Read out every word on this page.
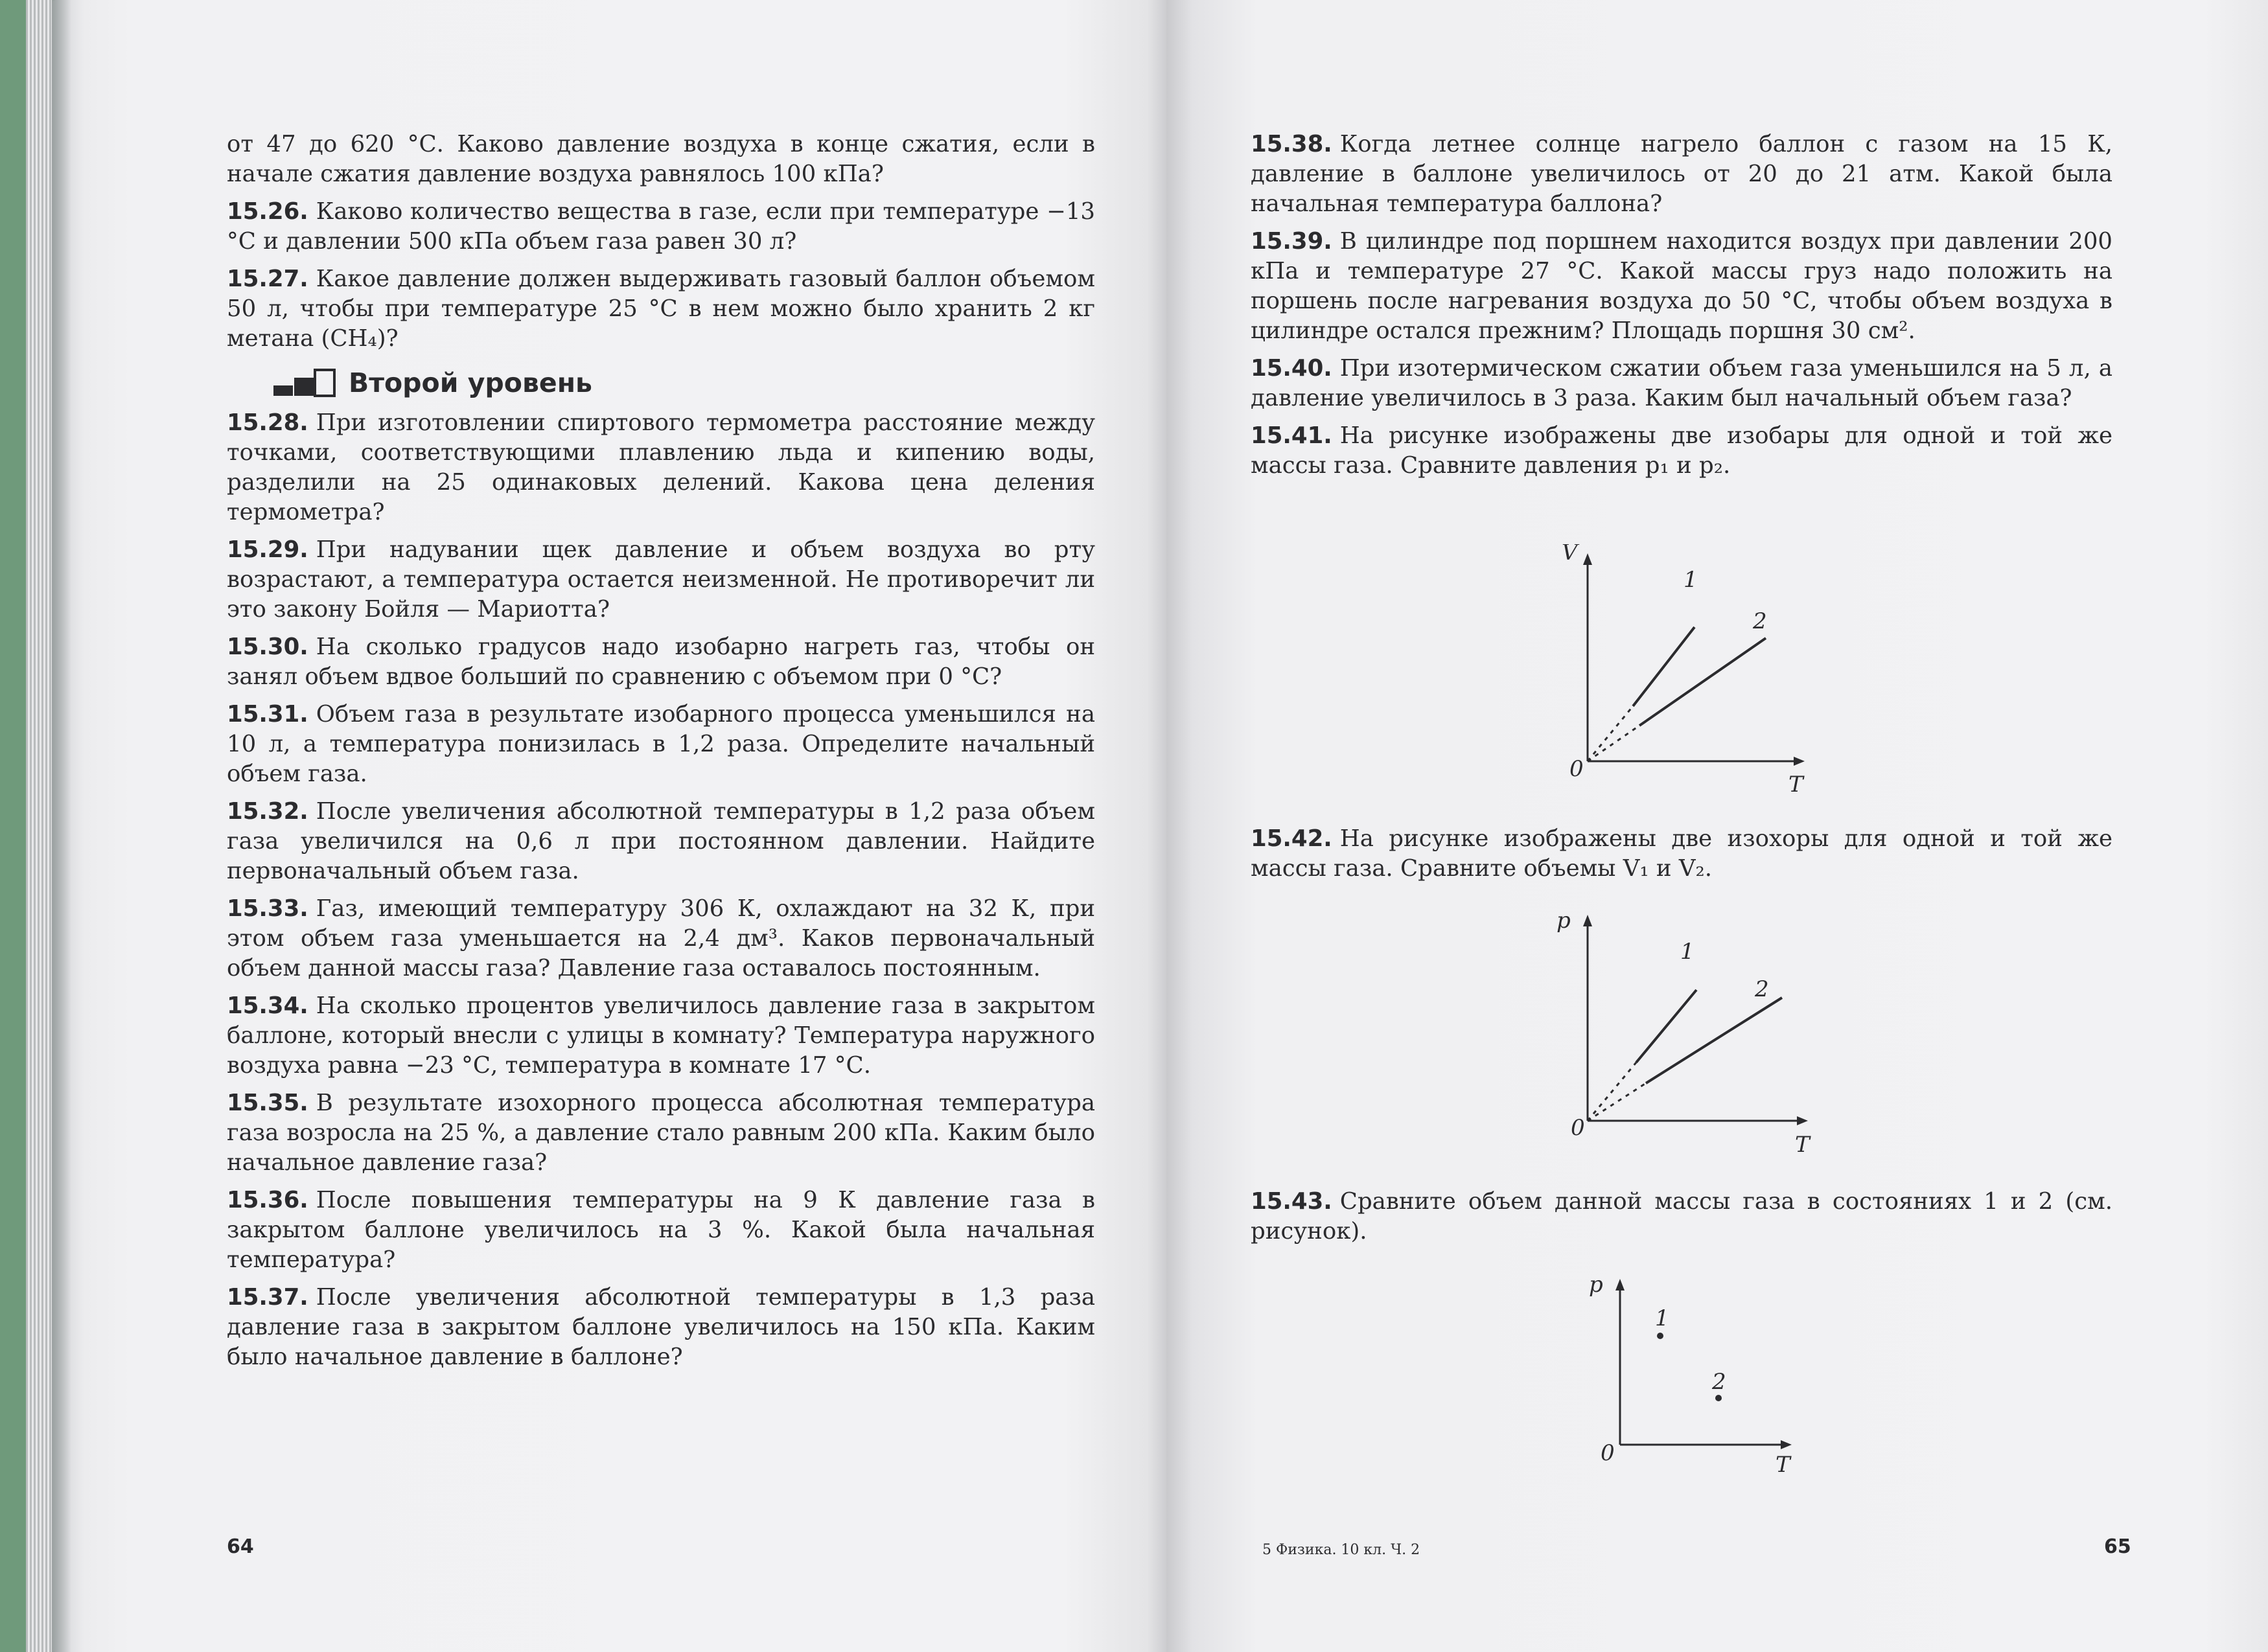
от 47 до 620 °С. Каково давление воздуха в конце сжатия, если в начале сжатия давление воздуха равнялось 100 кПа?

15.26. Каково количество вещества в газе, если при температуре −13 °С и давлении 500 кПа объем газа равен 30 л?

15.27. Какое давление должен выдерживать газовый баллон объемом 50 л, чтобы при температуре 25 °С в нем можно было хранить 2 кг метана (CH₄)?

Второй уровень

15.28. При изготовлении спиртового термометра расстояние между точками, соответствующими плавлению льда и кипению воды, разделили на 25 одинаковых делений. Какова цена деления термометра?

15.29. При надувании щек давление и объем воздуха во рту возрастают, а температура остается неизменной. Не противоречит ли это закону Бойля — Мариотта?

15.30. На сколько градусов надо изобарно нагреть газ, чтобы он занял объем вдвое больший по сравнению с объемом при 0 °С?

15.31. Объем газа в результате изобарного процесса уменьшился на 10 л, а температура понизилась в 1,2 раза. Определите начальный объем газа.

15.32. После увеличения абсолютной температуры в 1,2 раза объем газа увеличился на 0,6 л при постоянном давлении. Найдите первоначальный объем газа.

15.33. Газ, имеющий температуру 306 К, охлаждают на 32 К, при этом объем газа уменьшается на 2,4 дм³. Каков первоначальный объем данной массы газа? Давление газа оставалось постоянным.

15.34. На сколько процентов увеличилось давление газа в закрытом баллоне, который внесли с улицы в комнату? Температура наружного воздуха равна −23 °С, температура в комнате 17 °С.

15.35. В результате изохорного процесса абсолютная температура газа возросла на 25 %, а давление стало равным 200 кПа. Каким было начальное давление газа?

15.36. После повышения температуры на 9 К давление газа в закрытом баллоне увеличилось на 3 %. Какой была начальная температура?

15.37. После увеличения абсолютной температуры в 1,3 раза давление газа в закрытом баллоне увеличилось на 150 кПа. Каким было начальное давление в баллоне?

64

15.38. Когда летнее солнце нагрело баллон с газом на 15 К, давление в баллоне увеличилось от 20 до 21 атм. Какой была начальная температура баллона?

15.39. В цилиндре под поршнем находится воздух при давлении 200 кПа и температуре 27 °С. Какой массы груз надо положить на поршень после нагревания воздуха до 50 °С, чтобы объем воздуха в цилиндре остался прежним? Площадь поршня 30 см².

15.40. При изотермическом сжатии объем газа уменьшился на 5 л, а давление увеличилось в 3 раза. Каким был начальный объем газа?

15.41. На рисунке изображены две изобары для одной и той же массы газа. Сравните давления p₁ и p₂.

V
T
0
1
2

15.42. На рисунке изображены две изохоры для одной и той же массы газа. Сравните объемы V₁ и V₂.

p
T
0
1
2

15.43. Сравните объем данной массы газа в состояниях 1 и 2 (см. рисунок).

p
T
0
1
2
5 Физика. 10 кл. Ч. 2	65
